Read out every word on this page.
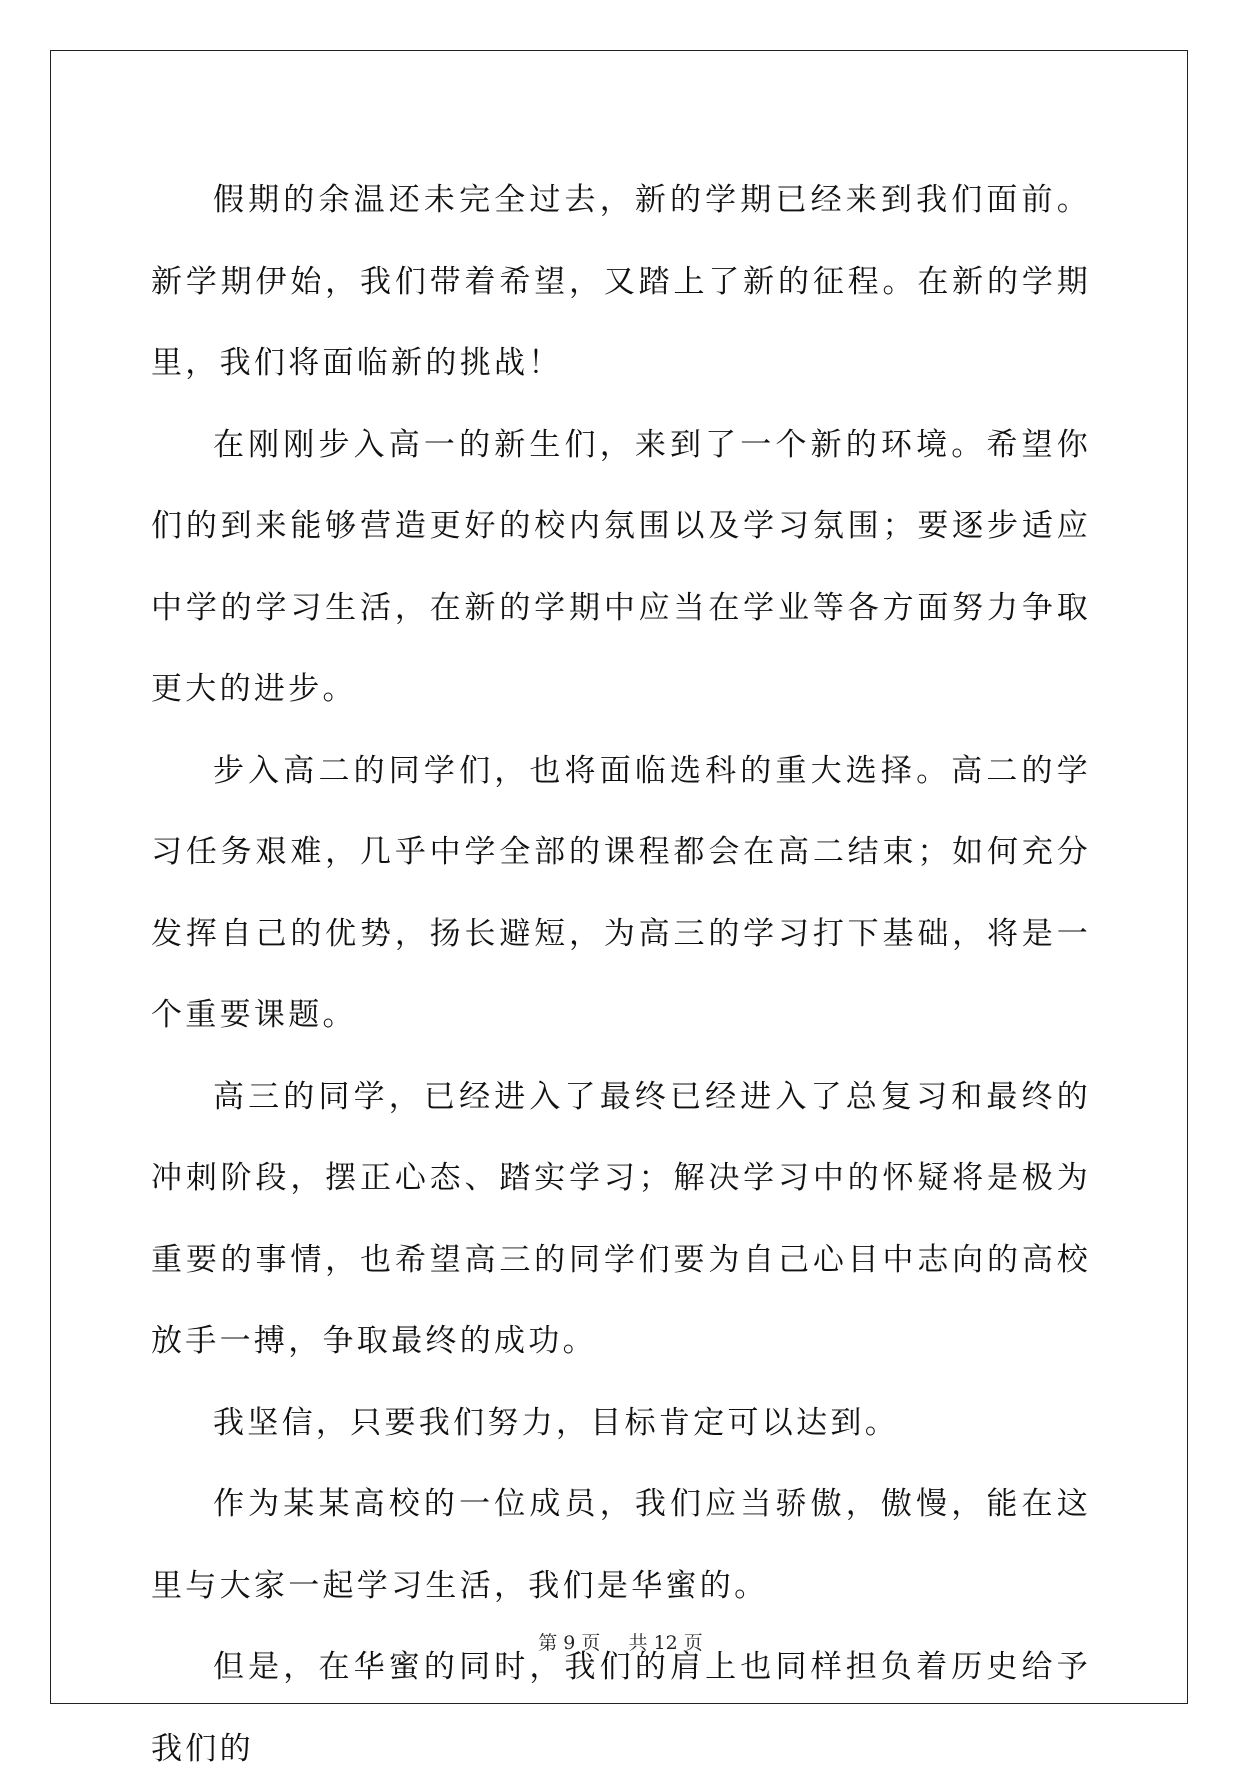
假期的余温还未完全过去，新的学期已经来到我们面前。新学期伊始，我们带着希望，又踏上了新的征程。在新的学期里，我们将面临新的挑战！

在刚刚步入高一的新生们，来到了一个新的环境。希望你们的到来能够营造更好的校内氛围以及学习氛围；要逐步适应中学的学习生活，在新的学期中应当在学业等各方面努力争取更大的进步。

步入高二的同学们，也将面临选科的重大选择。高二的学习任务艰难，几乎中学全部的课程都会在高二结束；如何充分发挥自己的优势，扬长避短，为高三的学习打下基础，将是一个重要课题。

高三的同学，已经进入了最终已经进入了总复习和最终的冲刺阶段，摆正心态、踏实学习；解决学习中的怀疑将是极为重要的事情，也希望高三的同学们要为自己心目中志向的高校放手一搏，争取最终的成功。

我坚信，只要我们努力，目标肯定可以达到。

作为某某高校的一位成员，我们应当骄傲，傲慢，能在这里与大家一起学习生活，我们是华蜜的。

但是，在华蜜的同时，我们的肩上也同样担负着历史给予我们的

第 9 页 共 12 页
